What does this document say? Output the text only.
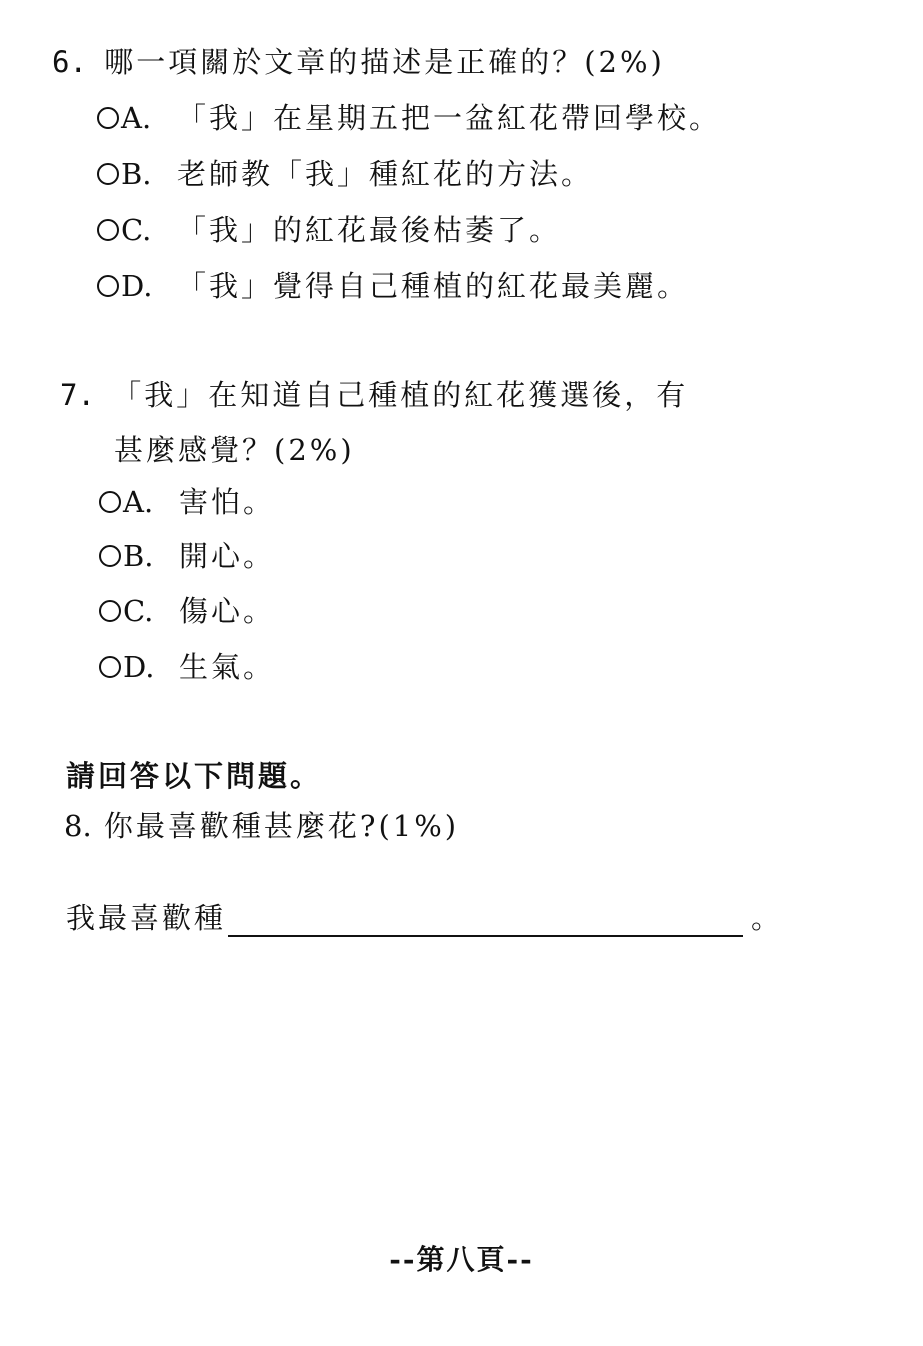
6. 哪一項關於文章的描述是正確的？(2%)
A. 「我」在星期五把一盆紅花帶回學校。
B. 老師教「我」種紅花的方法。
C. 「我」的紅花最後枯萎了。
D. 「我」覺得自己種植的紅花最美麗。
7. 「我」在知道自己種植的紅花獲選後，有
甚麼感覺？(2%)
A. 害怕。
B. 開心。
C. 傷心。
D. 生氣。
請回答以下問題。
8. 你最喜歡種甚麼花?(1%)
我最喜歡種	。
--第八頁--
